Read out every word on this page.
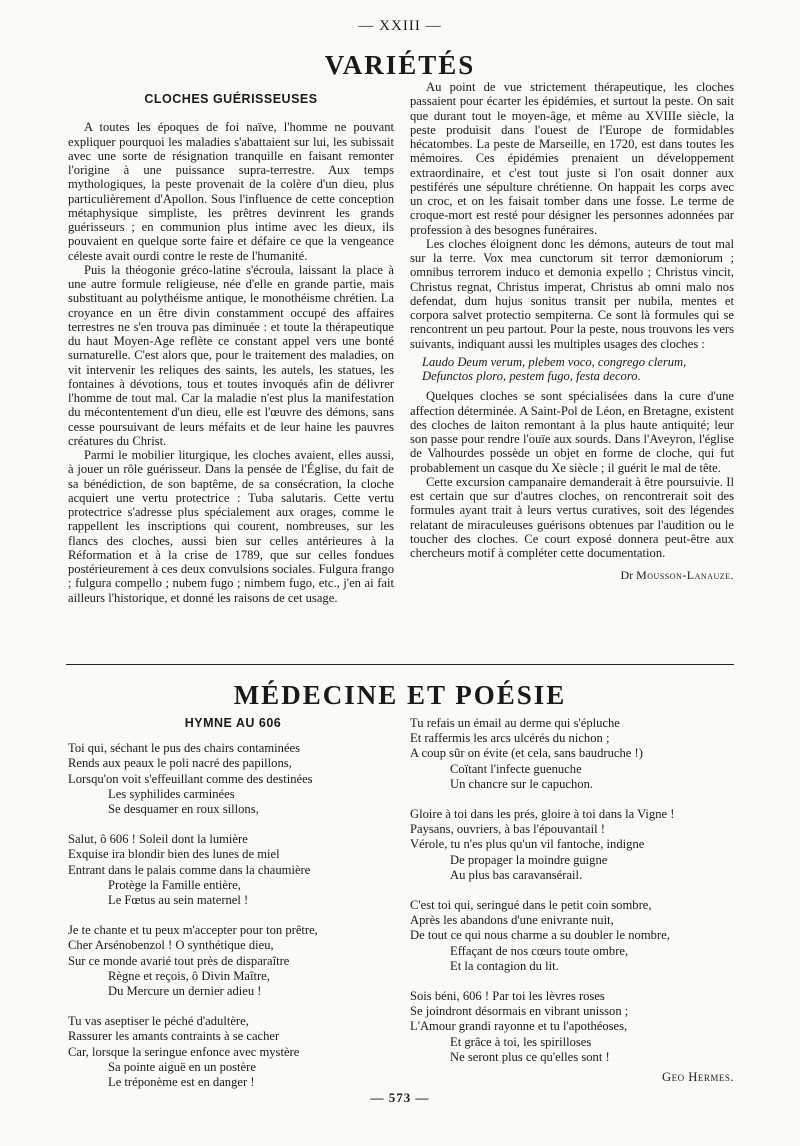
— XXIII —
VARIÉTÉS
CLOCHES GUÉRISSEUSES

A toutes les époques de foi naïve, l'homme ne pouvant expliquer pourquoi les maladies s'abattaient sur lui, les subissait avec une sorte de résignation tranquille en faisant remonter l'origine à une puissance supra-terrestre. Aux temps mythologiques, la peste provenait de la colère d'un dieu, plus particulièrement d'Apollon. Sous l'influence de cette conception métaphysique simpliste, les prêtres devinrent les grands guérisseurs ; en communion plus intime avec les dieux, ils pouvaient en quelque sorte faire et défaire ce que la vengeance céleste avait ourdi contre le reste de l'humanité.

Puis la théogonie gréco-latine s'écroula, laissant la place à une autre formule religieuse, née d'elle en grande partie, mais substituant au polythéisme antique, le monothéisme chrétien. La croyance en un être divin constamment occupé des affaires terrestres ne s'en trouva pas diminuée : et toute la thérapeutique du haut Moyen-Age reflète ce constant appel vers une bonté surnaturelle. C'est alors que, pour le traitement des maladies, on vit intervenir les reliques des saints, les autels, les statues, les fontaines à dévotions, tous et toutes invoqués afin de délivrer l'homme de tout mal. Car la maladie n'est plus la manifestation du mécontentement d'un dieu, elle est l'œuvre des démons, sans cesse poursuivant de leurs méfaits et de leur haine les pauvres créatures du Christ.

Parmi le mobilier liturgique, les cloches avaient, elles aussi, à jouer un rôle guérisseur. Dans la pensée de l'Église, du fait de sa bénédiction, de son baptême, de sa consécration, la cloche acquiert une vertu protectrice : Tuba salutaris. Cette vertu protectrice s'adresse plus spécialement aux orages, comme le rappellent les inscriptions qui courent, nombreuses, sur les flancs des cloches, aussi bien sur celles antérieures à la Réformation et à la crise de 1789, que sur celles fondues postérieurement à ces deux convulsions sociales. Fulgura frango ; fulgura compello ; nubem fugo ; nimbem fugo, etc., j'en ai fait ailleurs l'historique, et donné les raisons de cet usage.

Au point de vue strictement thérapeutique, les cloches passaient pour écarter les épidémies, et surtout la peste. On sait que durant tout le moyen-âge, et même au XVIIIe siècle, la peste produisit dans l'ouest de l'Europe de formidables hécatombes. La peste de Marseille, en 1720, est dans toutes les mémoires. Ces épidémies prenaient un développement extraordinaire, et c'est tout juste si l'on osait donner aux pestiférés une sépulture chrétienne. On happait les corps avec un croc, et on les faisait tomber dans une fosse. Le terme de croque-mort est resté pour désigner les personnes adonnées par profession à des besognes funéraires.

Les cloches éloignent donc les démons, auteurs de tout mal sur la terre. Vox mea cunctorum sit terror dæmoniorum ; omnibus terrorem induco et demonia expello ; Christus vincit, Christus regnat, Christus imperat, Christus ab omni malo nos defendat, dum hujus sonitus transit per nubila, mentes et corpora salvet protectio sempiterna. Ce sont là formules qui se rencontrent un peu partout. Pour la peste, nous trouvons les vers suivants, indiquant aussi les multiples usages des cloches :

Laudo Deum verum, plebem voco, congrego clerum,
Defunctos ploro, pestem fugo, festa decoro.

Quelques cloches se sont spécialisées dans la cure d'une affection déterminée. A Saint-Pol de Léon, en Bretagne, existent des cloches de laiton remontant à la plus haute antiquité; leur son passe pour rendre l'ouïe aux sourds. Dans l'Aveyron, l'église de Valhourdes possède un objet en forme de cloche, qui fut probablement un casque du Xe siècle ; il guérit le mal de tête.

Cette excursion campanaire demanderait à être poursuivie. Il est certain que sur d'autres cloches, on rencontrerait soit des formules ayant trait à leurs vertus curatives, soit des légendes relatant de miraculeuses guérisons obtenues par l'audition ou le toucher des cloches. Ce court exposé donnera peut-être aux chercheurs motif à compléter cette documentation.

Dr Mousson-Lanauze.
MÉDECINE ET POÉSIE
HYMNE AU 606
Toi qui, séchant le pus des chairs contaminées
Rends aux peaux le poli nacré des papillons,
Lorsqu'on voit s'effeuillant comme des destinées
Les syphilides carminées
Se desquamer en roux sillons,
Salut, ô 606 ! Soleil dont la lumière
Exquise ira blondir bien des lunes de miel
Entrant dans le palais comme dans la chaumière
Protège la Famille entière,
Le Fœtus au sein maternel !
Je te chante et tu peux m'accepter pour ton prêtre,
Cher Arsénobenzol ! O synthétique dieu,
Sur ce monde avarié tout près de disparaître
Règne et reçois, ô Divin Maître,
Du Mercure un dernier adieu !
Tu vas aseptiser le péché d'adultère,
Rassurer les amants contraints à se cacher
Car, lorsque la seringue enfonce avec mystère
Sa pointe aiguë en un postère
Le tréponème est en danger !
Tu refais un émail au derme qui s'épluche
Et raffermis les arcs ulcérés du nichon ;
A coup sûr on évite (et cela, sans baudruche !)
Coïtant l'infecte guenuche
Un chancre sur le capuchon.
Gloire à toi dans les prés, gloire à toi dans la Vigne !
Paysans, ouvriers, à bas l'épouvantail !
Vérole, tu n'es plus qu'un vil fantoche, indigne
De propager la moindre guigne
Au plus bas caravansérail.
C'est toi qui, seringué dans le petit coin sombre,
Après les abandons d'une enivrante nuit,
De tout ce qui nous charme a su doubler le nombre,
Effaçant de nos cœurs toute ombre,
Et la contagion du lit.
Sois béni, 606 ! Par toi les lèvres roses
Se joindront désormais en vibrant unisson ;
L'Amour grandi rayonne et tu l'apothéoses,
Et grâce à toi, les spirilloses
Ne seront plus ce qu'elles sont !
Geo Hermes.
— 573 —
